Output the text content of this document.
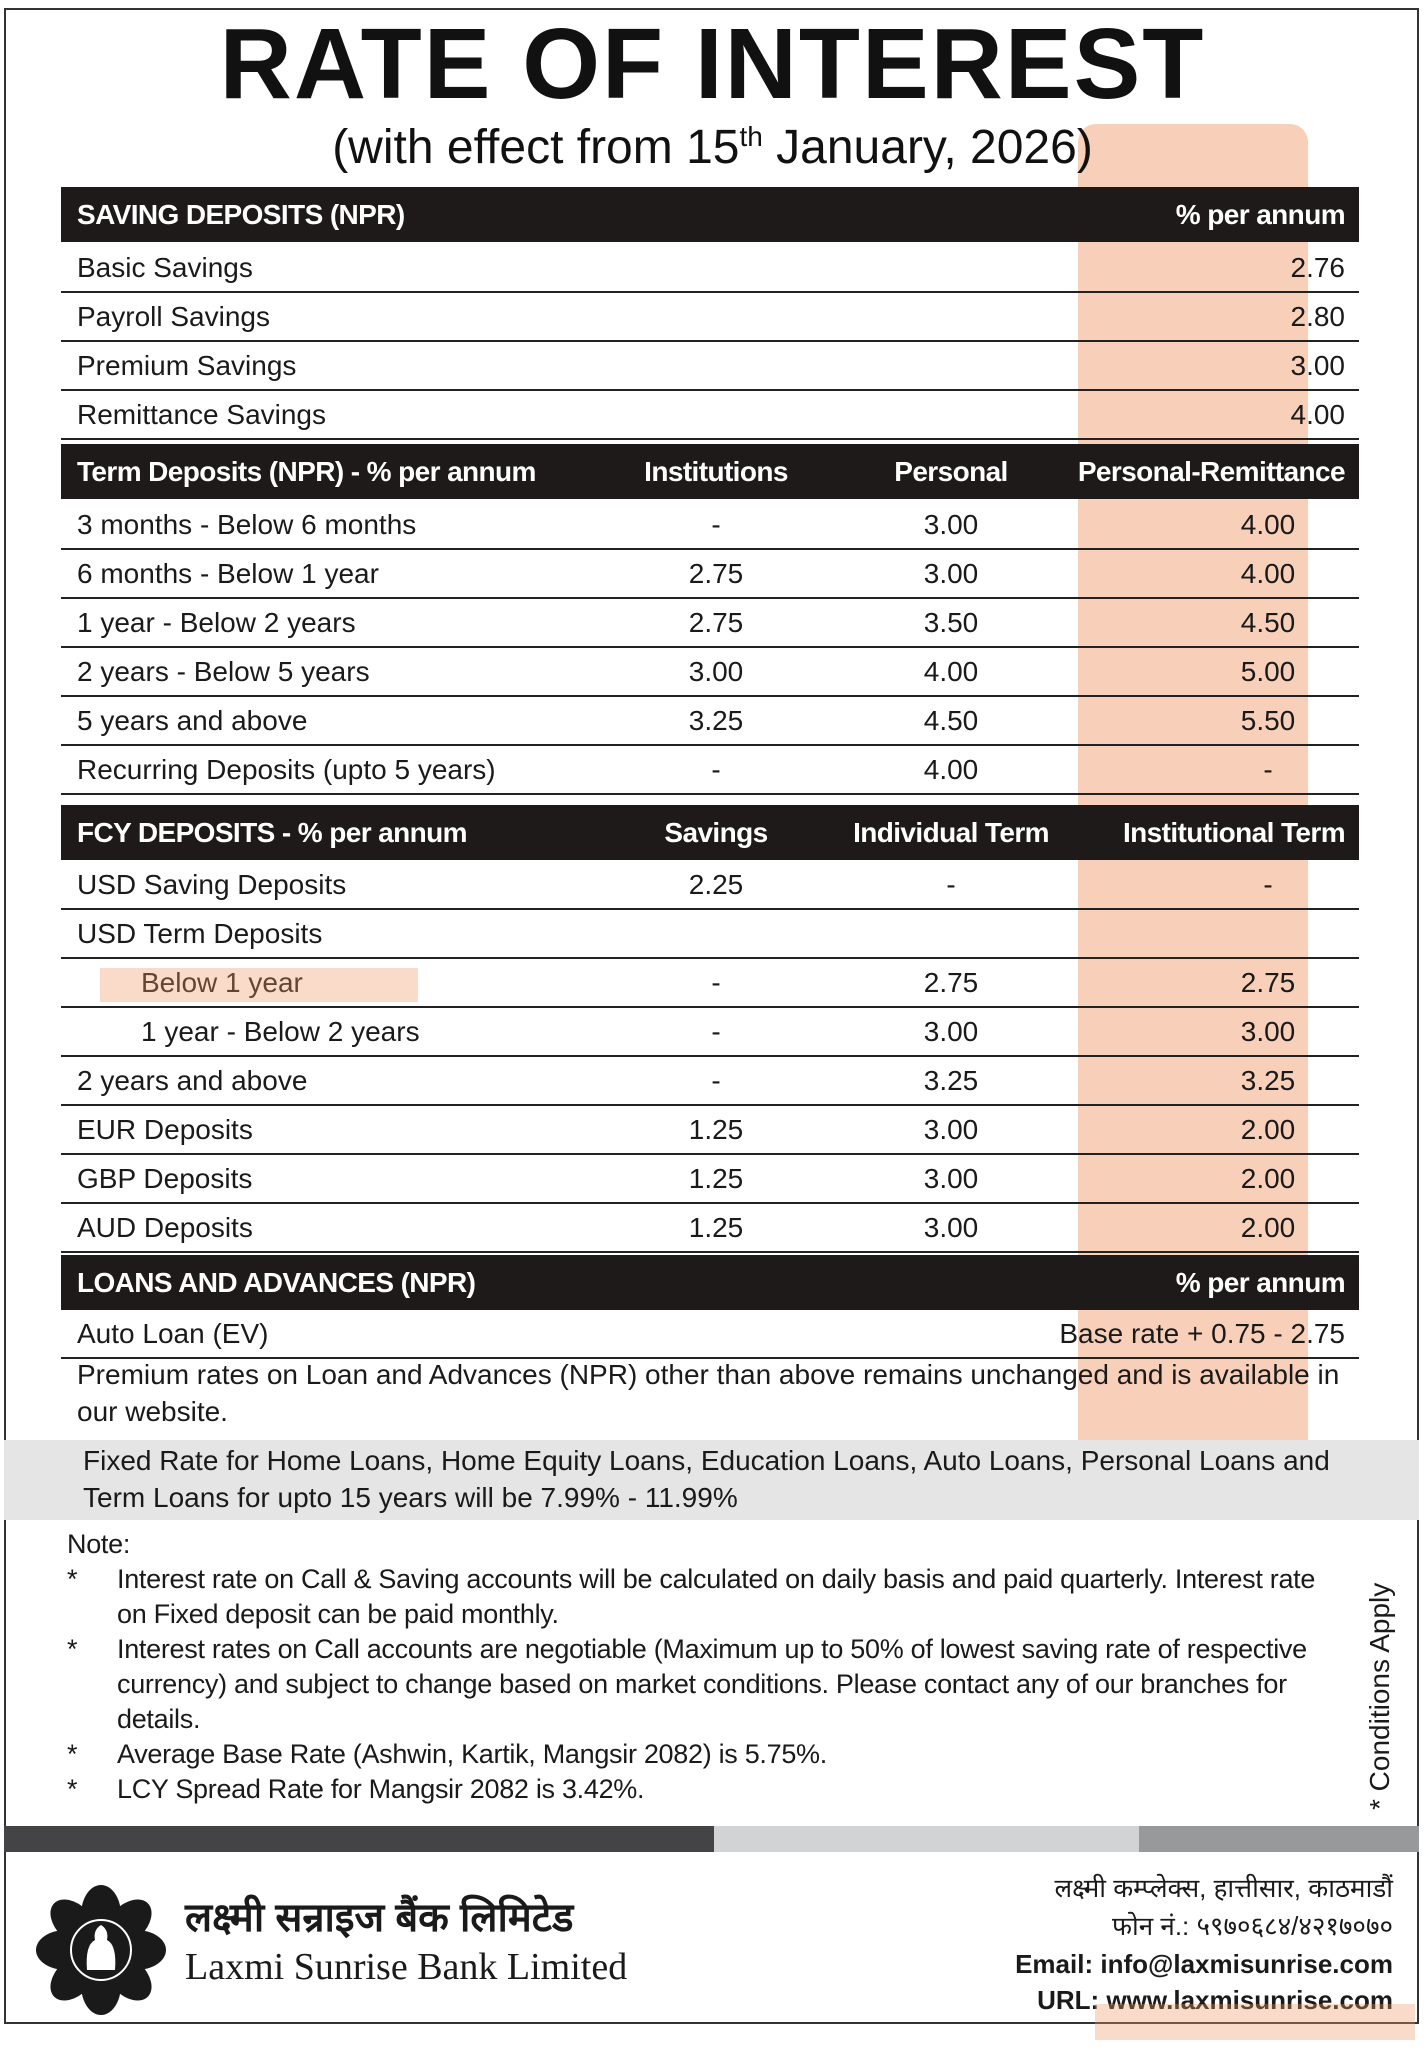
RATE OF INTEREST
(with effect from 15th January, 2026)
SAVING DEPOSITS (NPR)	% per annum
Basic Savings	2.76
Payroll Savings	2.80
Premium Savings	3.00
Remittance Savings	4.00
Term Deposits (NPR) - % per annum	Institutions	Personal	Personal-Remittance
3 months - Below 6 months	-	3.00	4.00
6 months - Below 1 year	2.75	3.00	4.00
1 year - Below 2 years	2.75	3.50	4.50
2 years - Below 5 years	3.00	4.00	5.00
5 years and above	3.25	4.50	5.50
Recurring Deposits (upto 5 years)	-	4.00	-
FCY DEPOSITS - % per annum	Savings	Individual Term	Institutional Term
USD Saving Deposits	2.25	-	-
USD Term Deposits
Below 1 year	-	2.75	2.75
1 year - Below 2 years	-	3.00	3.00
2 years and above	-	3.25	3.25
EUR Deposits	1.25	3.00	2.00
GBP Deposits	1.25	3.00	2.00
AUD Deposits	1.25	3.00	2.00
LOANS AND ADVANCES (NPR)	% per annum
Auto Loan (EV)	Base rate + 0.75 - 2.75
Premium rates on Loan and Advances (NPR) other than above remains unchanged and is available in our website.
Fixed Rate for Home Loans, Home Equity Loans, Education Loans, Auto Loans, Personal Loans and Term Loans for upto 15 years will be 7.99% - 11.99%
Note:
* Interest rate on Call & Saving accounts will be calculated on daily basis and paid quarterly. Interest rate on Fixed deposit can be paid monthly.
* Interest rates on Call accounts are negotiable (Maximum up to 50% of lowest saving rate of respective currency) and subject to change based on market conditions. Please contact any of our branches for details.
* Average Base Rate (Ashwin, Kartik, Mangsir 2082) is 5.75%.
* LCY Spread Rate for Mangsir 2082 is 3.42%.	* Conditions Apply
लक्ष्मी सन्राइज बैंक लिमिटेड
Laxmi Sunrise Bank Limited
लक्ष्मी कम्प्लेक्स, हात्तीसार, काठमाडौं
फोन नं.: ५९७०६८४/४२१७०७०
Email: info@laxmisunrise.com
URL: www.laxmisunrise.com
